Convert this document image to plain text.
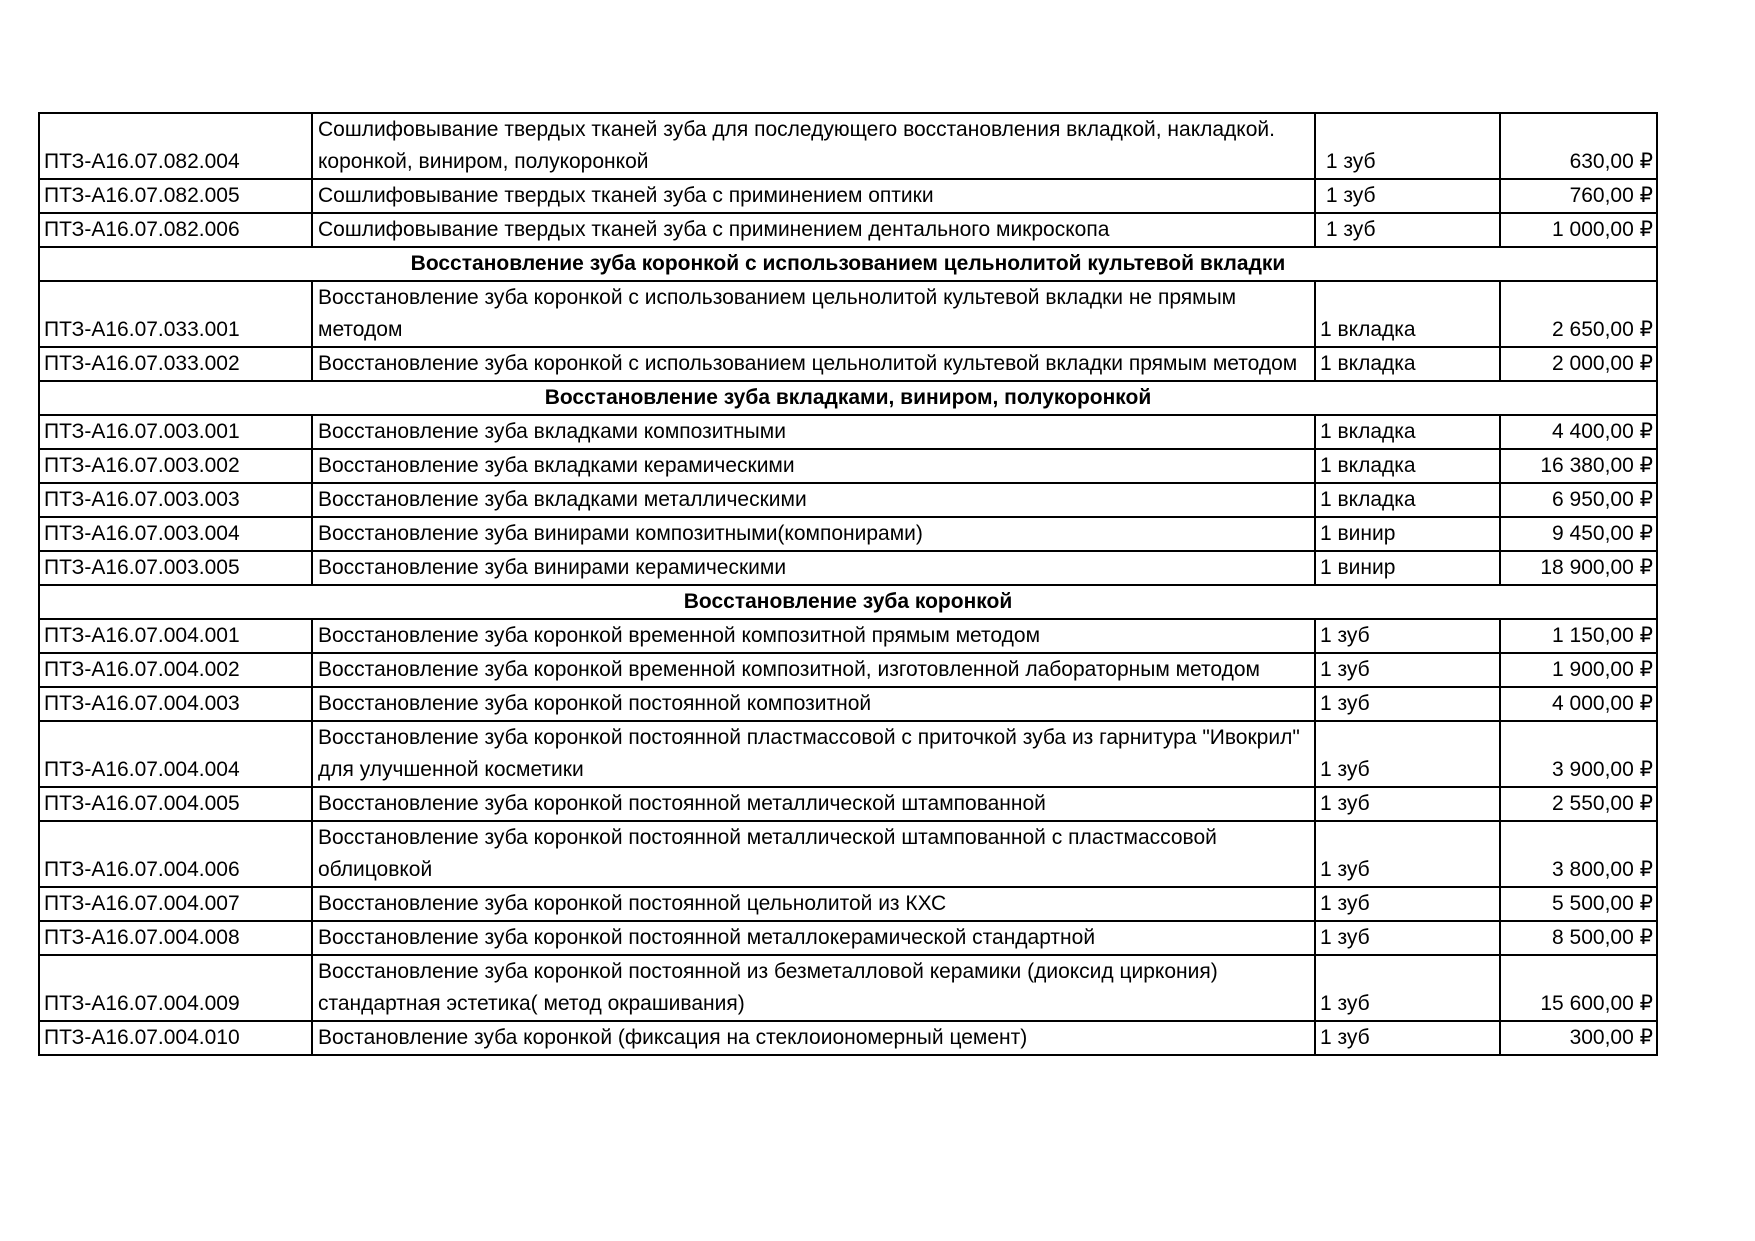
ПТЗ-А16.07.082.004	Сошлифовывание твердых тканей зуба для последующего восстановления вкладкой, накладкой. коронкой, виниром, полукоронкой	1 зуб	630,00 ₽
ПТЗ-А16.07.082.005	Сошлифовывание твердых тканей зуба с приминением оптики	1 зуб	760,00 ₽
ПТЗ-А16.07.082.006	Сошлифовывание твердых тканей зуба с приминением дентального микроскопа	1 зуб	1 000,00 ₽
Восстановление зуба коронкой с использованием цельнолитой культевой вкладки			
ПТЗ-А16.07.033.001	Восстановление зуба коронкой с использованием цельнолитой культевой вкладки не прямым методом	1 вкладка	2 650,00 ₽
ПТЗ-А16.07.033.002	Восстановление зуба коронкой с использованием цельнолитой культевой вкладки прямым методом	1 вкладка	2 000,00 ₽
Восстановление зуба вкладками, виниром, полукоронкой			
ПТЗ-А16.07.003.001	Восстановление зуба вкладками композитными	1 вкладка	4 400,00 ₽
ПТЗ-А16.07.003.002	Восстановление зуба вкладками керамическими	1 вкладка	16 380,00 ₽
ПТЗ-А16.07.003.003	Восстановление зуба вкладками металлическими	1 вкладка	6 950,00 ₽
ПТЗ-А16.07.003.004	Восстановление зуба винирами композитными(компонирами)	1 винир	9 450,00 ₽
ПТЗ-А16.07.003.005	Восстановление зуба винирами керамическими	1 винир	18 900,00 ₽
Восстановление зуба коронкой			
ПТЗ-А16.07.004.001	Восстановление зуба коронкой временной композитной прямым методом	1 зуб	1 150,00 ₽
ПТЗ-А16.07.004.002	Восстановление зуба коронкой временной композитной, изготовленной лабораторным методом	1 зуб	1 900,00 ₽
ПТЗ-А16.07.004.003	Восстановление зуба коронкой постоянной композитной	1 зуб	4 000,00 ₽
ПТЗ-А16.07.004.004	Восстановление зуба коронкой постоянной пластмассовой с приточкой зуба из гарнитура "Ивокрил" для улучшенной косметики	1 зуб	3 900,00 ₽
ПТЗ-А16.07.004.005	Восстановление зуба коронкой постоянной металлической штампованной	1 зуб	2 550,00 ₽
ПТЗ-А16.07.004.006	Восстановление зуба коронкой постоянной металлической штампованной с пластмассовой облицовкой	1 зуб	3 800,00 ₽
ПТЗ-А16.07.004.007	Восстановление зуба коронкой постоянной цельнолитой из КХС	1 зуб	5 500,00 ₽
ПТЗ-А16.07.004.008	Восстановление зуба коронкой постоянной металлокерамической стандартной	1 зуб	8 500,00 ₽
ПТЗ-А16.07.004.009	Восстановление зуба коронкой постоянной из безметалловой керамики (диоксид циркония) стандартная эстетика( метод окрашивания)	1 зуб	15 600,00 ₽
ПТЗ-А16.07.004.010	Востановление зуба коронкой (фиксация на стеклоиономерный цемент)	1 зуб	300,00 ₽
